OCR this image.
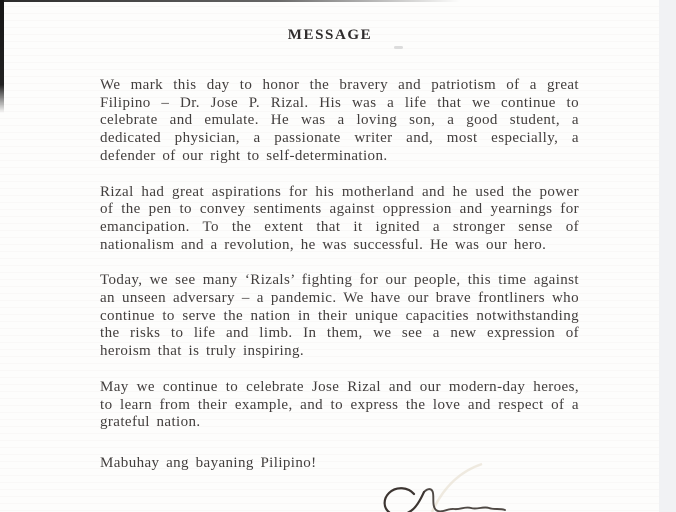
MESSAGE

We mark this day to honor the bravery and patriotism of a great Filipino – Dr. Jose P. Rizal. His was a life that we continue to celebrate and emulate. He was a loving son, a good student, a dedicated physician, a passionate writer and, most especially, a defender of our right to self-determination.

Rizal had great aspirations for his motherland and he used the power of the pen to convey sentiments against oppression and yearnings for emancipation. To the extent that it ignited a stronger sense of nationalism and a revolution, he was successful. He was our hero.

Today, we see many ‘Rizals’ fighting for our people, this time against an unseen adversary – a pandemic. We have our brave frontliners who continue to serve the nation in their unique capacities notwithstanding the risks to life and limb. In them, we see a new expression of heroism that is truly inspiring.

May we continue to celebrate Jose Rizal and our modern-day heroes, to learn from their example, and to express the love and respect of a grateful nation.

Mabuhay ang bayaning Pilipino!
